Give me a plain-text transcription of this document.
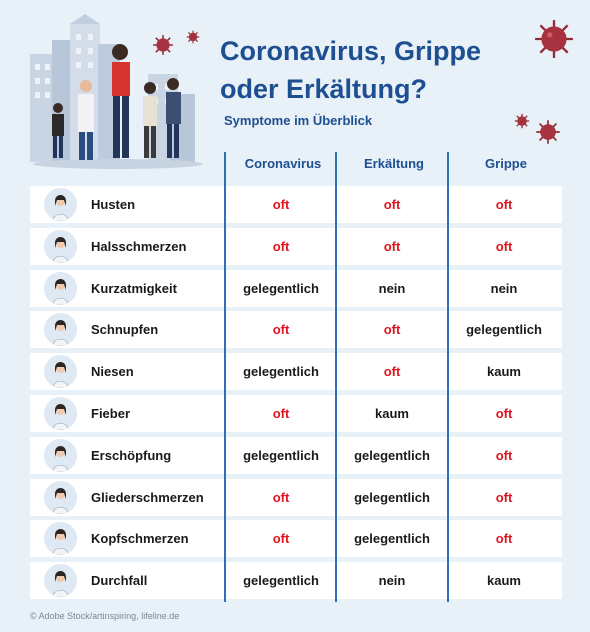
Coronavirus, Grippe
oder Erkältung?
Symptome im Überblick
Coronavirus	Erkältung	Grippe
Husten	oft	oft	oft
Halsschmerzen	oft	oft	oft
Kurzatmigkeit	gelegentlich	nein	nein
Schnupfen	oft	oft	gelegentlich
Niesen	gelegentlich	oft	kaum
Fieber	oft	kaum	oft
Erschöpfung	gelegentlich	gelegentlich	oft
Gliederschmerzen	oft	gelegentlich	oft
Kopfschmerzen	oft	gelegentlich	oft
Durchfall	gelegentlich	nein	kaum
© Adobe Stock/artinspiring, lifeline.de
